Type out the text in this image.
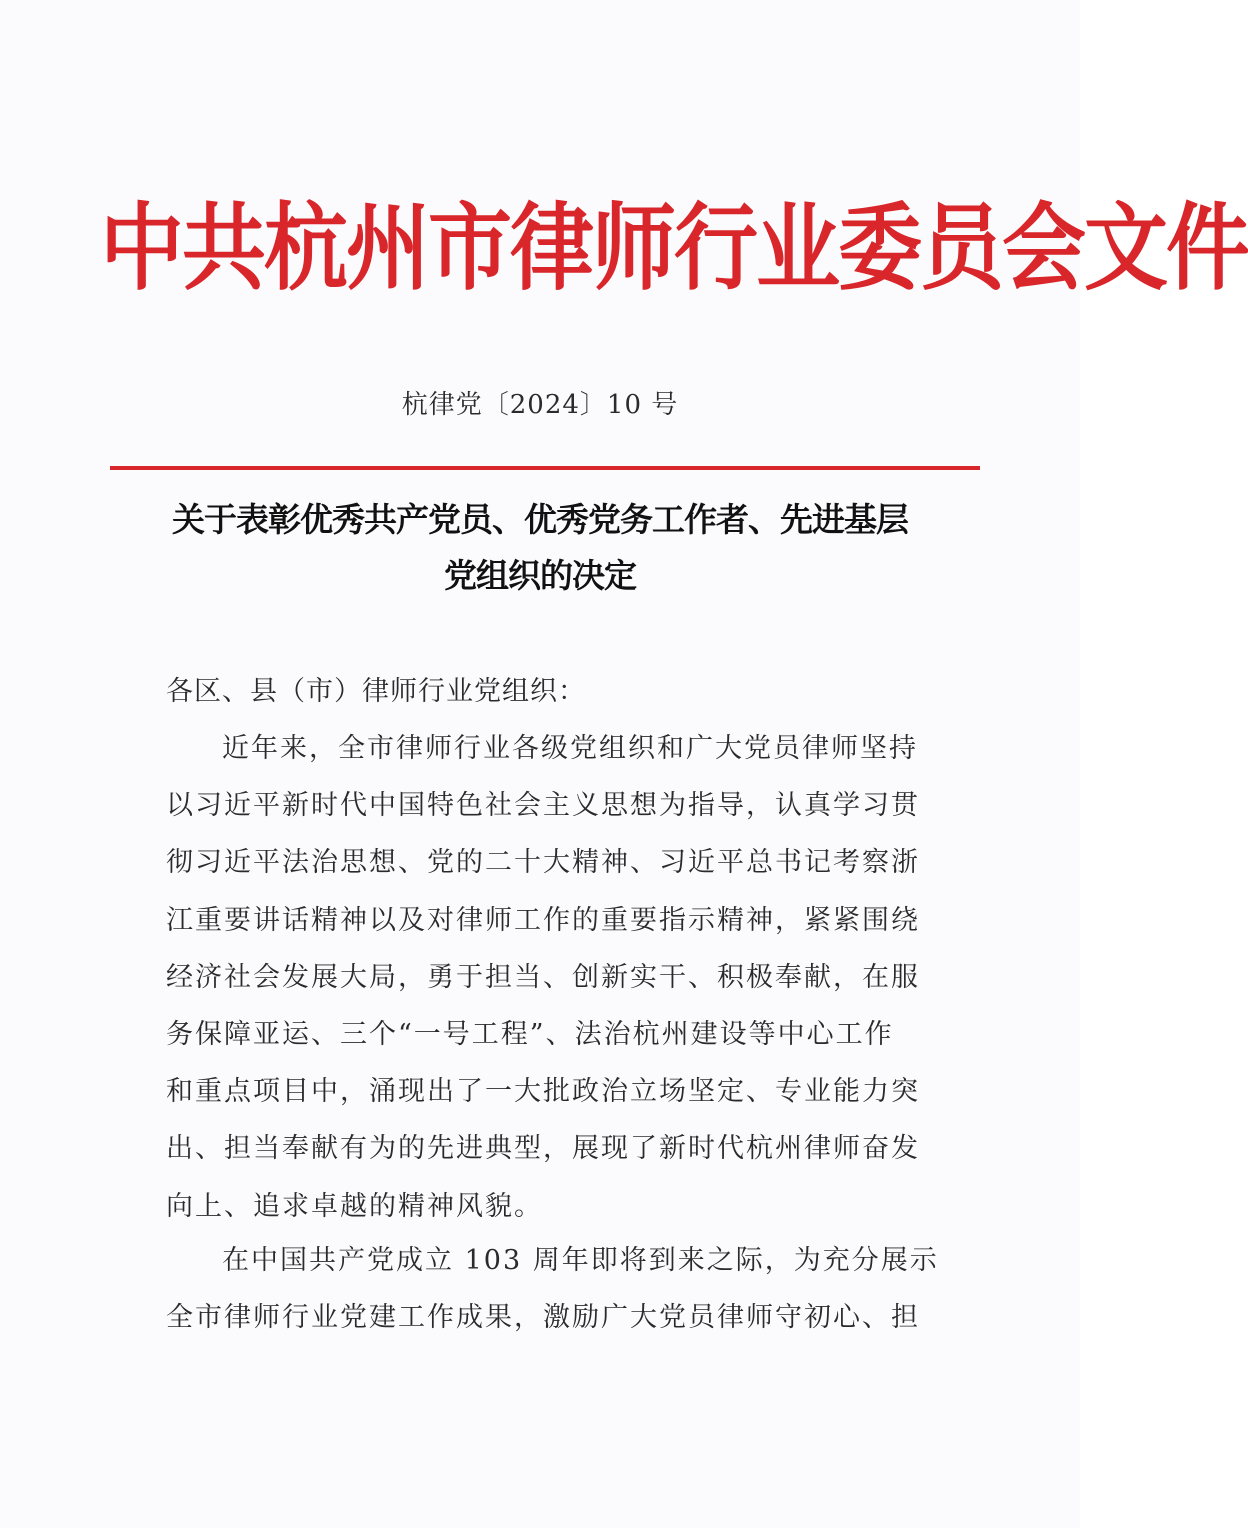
中共杭州市律师行业委员会文件
杭律党〔2024〕10 号
关于表彰优秀共产党员、优秀党务工作者、先进基层
党组织的决定
各区、县（市）律师行业党组织：
近年来，全市律师行业各级党组织和广大党员律师坚持
以习近平新时代中国特色社会主义思想为指导，认真学习贯
彻习近平法治思想、党的二十大精神、习近平总书记考察浙
江重要讲话精神以及对律师工作的重要指示精神，紧紧围绕
经济社会发展大局，勇于担当、创新实干、积极奉献，在服
务保障亚运、三个“一号工程”、法治杭州建设等中心工作
和重点项目中，涌现出了一大批政治立场坚定、专业能力突
出、担当奉献有为的先进典型，展现了新时代杭州律师奋发
向上、追求卓越的精神风貌。
在中国共产党成立 103 周年即将到来之际，为充分展示
全市律师行业党建工作成果，激励广大党员律师守初心、担
